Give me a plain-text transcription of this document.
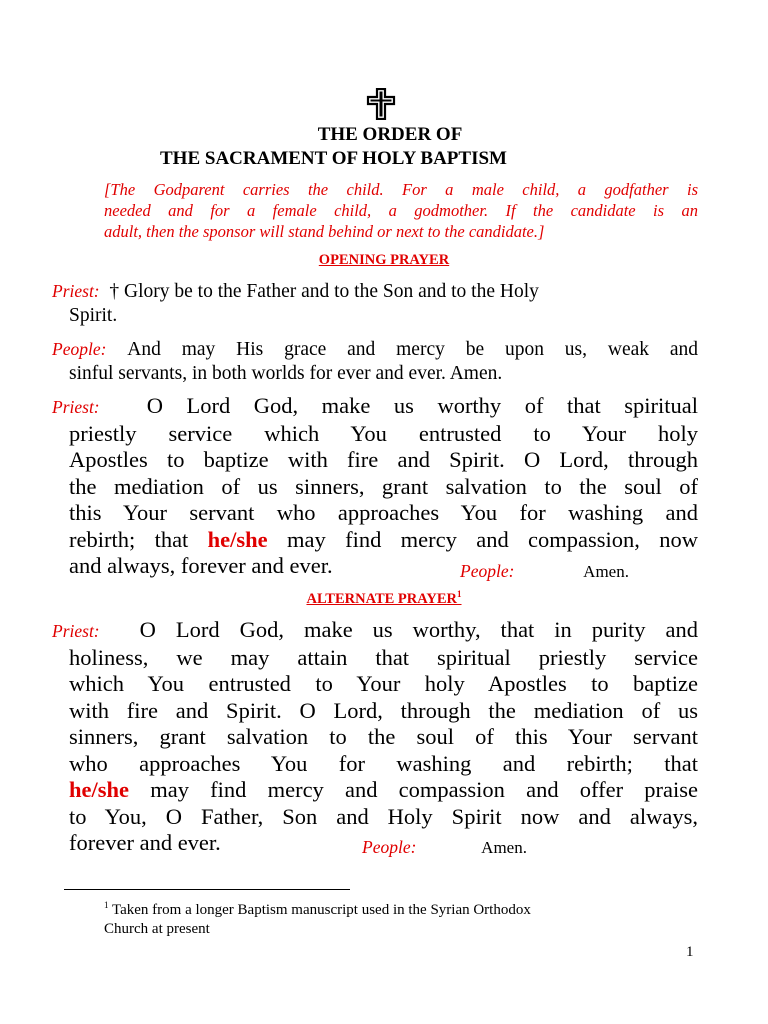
THE ORDER OF
THE SACRAMENT OF HOLY BAPTISM
[The Godparent carries the child. For a male child, a godfather is
needed and for a female child, a godmother. If the candidate is an
adult, then the sponsor will stand behind or next to the candidate.]
OPENING PRAYER
Priest: † Glory be to the Father and to the Son and to the Holy
Spirit.
People: And may His grace and mercy be upon us, weak and
sinful servants, in both worlds for ever and ever. Amen.
Priest: O Lord God, make us worthy of that spiritual
priestly service which You entrusted to Your holy
Apostles to baptize with fire and Spirit. O Lord, through
the mediation of us sinners, grant salvation to the soul of
this Your servant who approaches You for washing and
rebirth; that he/she may find mercy and compassion, now
and always, forever and ever.	People:	Amen.
ALTERNATE PRAYER$^1$
Priest: O Lord God, make us worthy, that in purity and
holiness, we may attain that spiritual priestly service
which You entrusted to Your holy Apostles to baptize
with fire and Spirit. O Lord, through the mediation of us
sinners, grant salvation to the soul of this Your servant
who approaches You for washing and rebirth; that
he/she may find mercy and compassion and offer praise
to You, O Father, Son and Holy Spirit now and always,
forever and ever.	People:	Amen.
$^1$ Taken from a longer Baptism manuscript used in the Syrian Orthodox
Church at present
1
